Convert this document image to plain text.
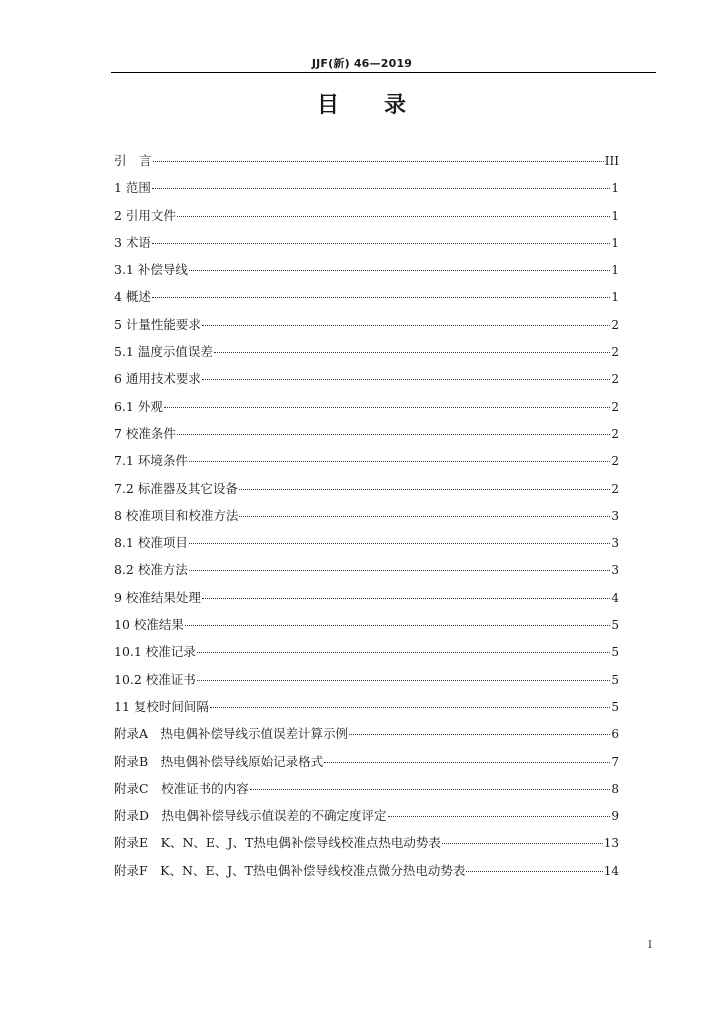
JJF(新) 46—2019
目 录
引　言	III
1 范围	1
2 引用文件	1
3 术语	1
3.1 补偿导线	1
4 概述	1
5 计量性能要求	2
5.1 温度示值误差	2
6 通用技术要求	2
6.1 外观	2
7 校准条件	2
7.1 环境条件	2
7.2 标准器及其它设备	2
8 校准项目和校准方法	3
8.1 校准项目	3
8.2 校准方法	3
9 校准结果处理	4
10 校准结果	5
10.1 校准记录	5
10.2 校准证书	5
11 复校时间间隔	5
附录A　热电偶补偿导线示值误差计算示例	6
附录B　热电偶补偿导线原始记录格式	7
附录C　校准证书的内容	8
附录D　热电偶补偿导线示值误差的不确定度评定	9
附录E　K、N、E、J、T热电偶补偿导线校准点热电动势表	13
附录F　K、N、E、J、T热电偶补偿导线校准点微分热电动势表	14
I
